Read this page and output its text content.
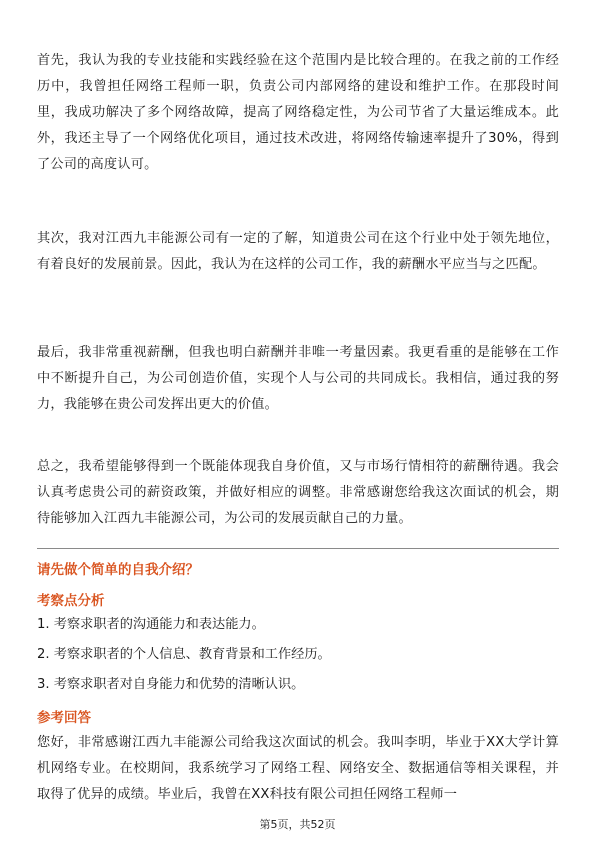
首先，我认为我的专业技能和实践经验在这个范围内是比较合理的。在我之前的工作经历中，我曾担任网络工程师一职，负责公司内部网络的建设和维护工作。在那段时间里，我成功解决了多个网络故障，提高了网络稳定性，为公司节省了大量运维成本。此外，我还主导了一个网络优化项目，通过技术改进，将网络传输速率提升了30%，得到了公司的高度认可。

其次，我对江西九丰能源公司有一定的了解，知道贵公司在这个行业中处于领先地位，有着良好的发展前景。因此，我认为在这样的公司工作，我的薪酬水平应当与之匹配。

最后，我非常重视薪酬，但我也明白薪酬并非唯一考量因素。我更看重的是能够在工作中不断提升自己，为公司创造价值，实现个人与公司的共同成长。我相信，通过我的努力，我能够在贵公司发挥出更大的价值。

总之，我希望能够得到一个既能体现我自身价值，又与市场行情相符的薪酬待遇。我会认真考虑贵公司的薪资政策，并做好相应的调整。非常感谢您给我这次面试的机会，期待能够加入江西九丰能源公司，为公司的发展贡献自己的力量。

请先做个简单的自我介绍？

考察点分析

1. 考察求职者的沟通能力和表达能力。

2. 考察求职者的个人信息、教育背景和工作经历。

3. 考察求职者对自身能力和优势的清晰认识。

参考回答

您好，非常感谢江西九丰能源公司给我这次面试的机会。我叫李明，毕业于XX大学计算机网络专业。在校期间，我系统学习了网络工程、网络安全、数据通信等相关课程，并取得了优异的成绩。毕业后，我曾在XX科技有限公司担任网络工程师一

第5页，共52页
